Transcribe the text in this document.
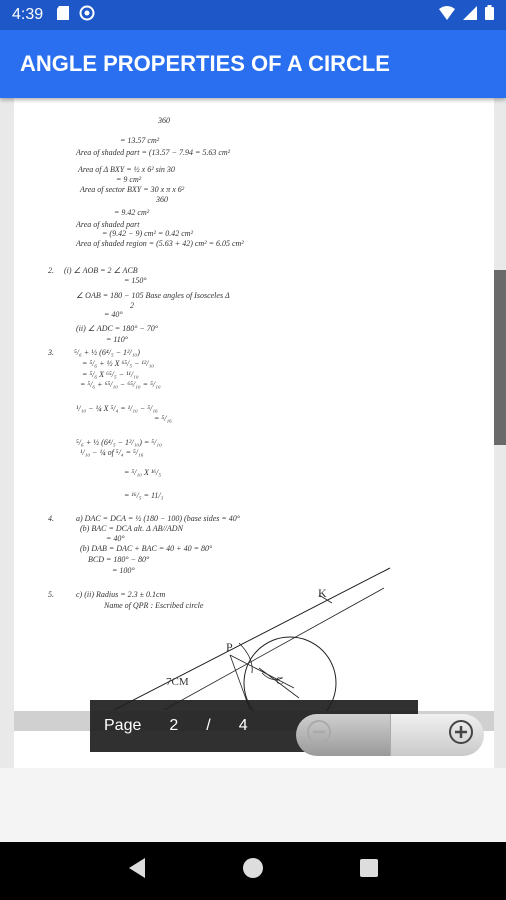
4:39
ANGLE PROPERTIES OF A CIRCLE
360
= 13.57 cm²
Area of shaded part = (13.57 − 7.94 = 5.63 cm²
Area of Δ BXY = ½ x 6² sin 30
= 9 cm²
Area of sector BXY = 30 x π x 6²
360
= 9.42 cm²
Area of shaded part
= (9.42 − 9) cm² = 0.42 cm²
Area of shaded region = (5.63 + 42) cm² = 6.05 cm²
2. (i) ∠ AOB = 2 ∠ ACB
= 150°
∠ OAB = 180 − 105 Base angles of Isosceles Δ
2
= 40°
(ii) ∠ ADC = 180° − 70°
= 110°
3.	⁵/₆ + ½ (6⁴/₅ − 1²/₁₀)
= ⁵/₆ + ½ X ⁶⁵/₅ − ¹²/₁₀
= ⁵/₆ X ⁶⁵/₅ − ¹¹/₁₀
= ⁵/₆ + ⁶⁵/₁₀ − ⁶⁵/₁₀ = ⁵/₁₀
¹/₁₀ − ¼ X ⁵/₄ = ¹/₁₀ − ⁵/₁₆
= ⁵/₁₆
⁵/₆ + ½ (6⁴/₅ − 1²/₁₀) = ⁵/₁₀
¹/₁₀ − ¼ of ⁵/₄ = ⁵/₁₆
= ⁵/₁₀ X ¹⁶/₅
= ¹⁶/₅ = 11/₃
4.	a) DAC = DCA = ½ (180 − 100) (base sides = 40°
(b) BAC = DCA alt. Δ AB//ADN
= 40°
(b) DAB = DAC + BAC = 40 + 40 = 80°
BCD = 180° − 80°
= 100°
5.	c) (ii) Radius = 2.3 ± 0.1cm
Name of QPR : Escribed circle
K
P
C
7CM
Page 2 / 4
